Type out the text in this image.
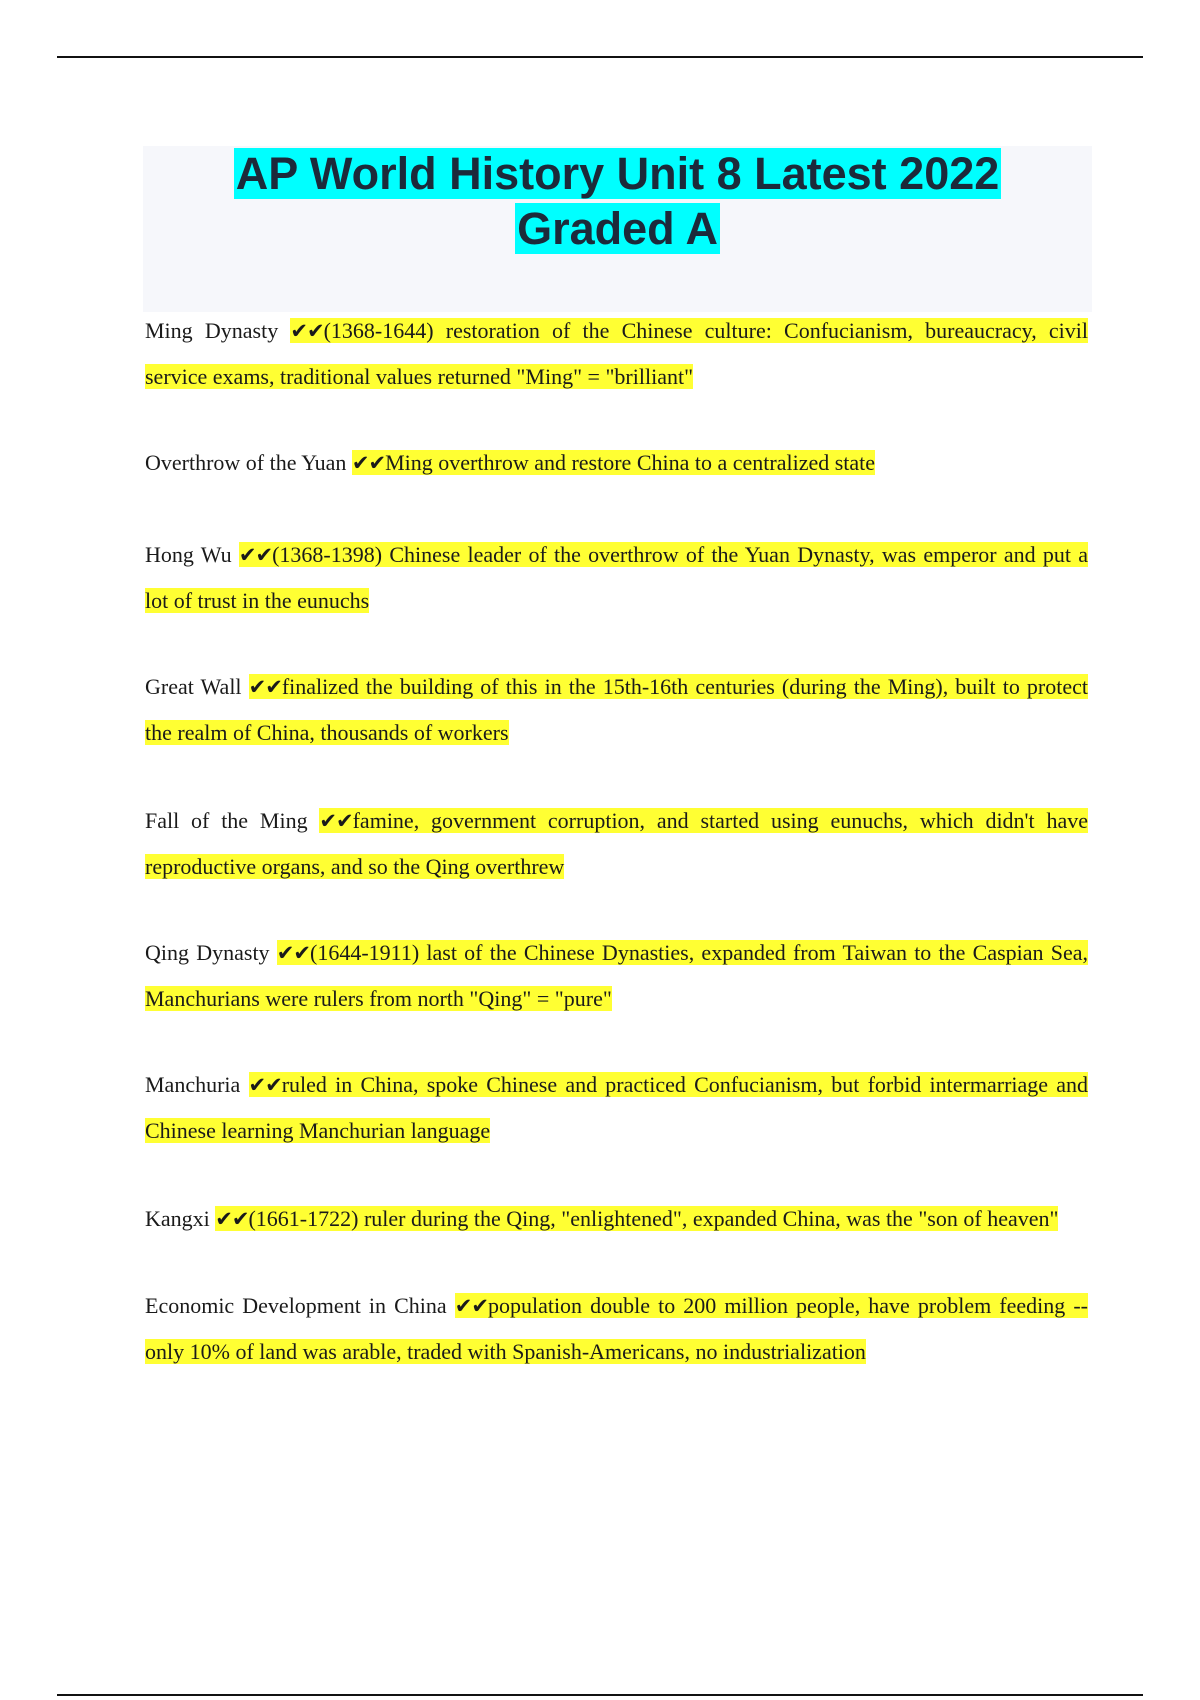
AP World History Unit 8 Latest 2022
Graded A

Ming Dynasty ✔✔(1368-1644) restoration of the Chinese culture: Confucianism, bureaucracy, civil service exams, traditional values returned "Ming" = "brilliant"

Overthrow of the Yuan ✔✔Ming overthrow and restore China to a centralized state

Hong Wu ✔✔(1368-1398) Chinese leader of the overthrow of the Yuan Dynasty, was emperor and put a lot of trust in the eunuchs

Great Wall ✔✔finalized the building of this in the 15th-16th centuries (during the Ming), built to protect the realm of China, thousands of workers

Fall of the Ming ✔✔famine, government corruption, and started using eunuchs, which didn't have reproductive organs, and so the Qing overthrew

Qing Dynasty ✔✔(1644-1911) last of the Chinese Dynasties, expanded from Taiwan to the Caspian Sea, Manchurians were rulers from north "Qing" = "pure"

Manchuria ✔✔ruled in China, spoke Chinese and practiced Confucianism, but forbid intermarriage and Chinese learning Manchurian language

Kangxi ✔✔(1661-1722) ruler during the Qing, "enlightened", expanded China, was the "son of heaven"

Economic Development in China ✔✔population double to 200 million people, have problem feeding -- only 10% of land was arable, traded with Spanish-Americans, no industrialization
